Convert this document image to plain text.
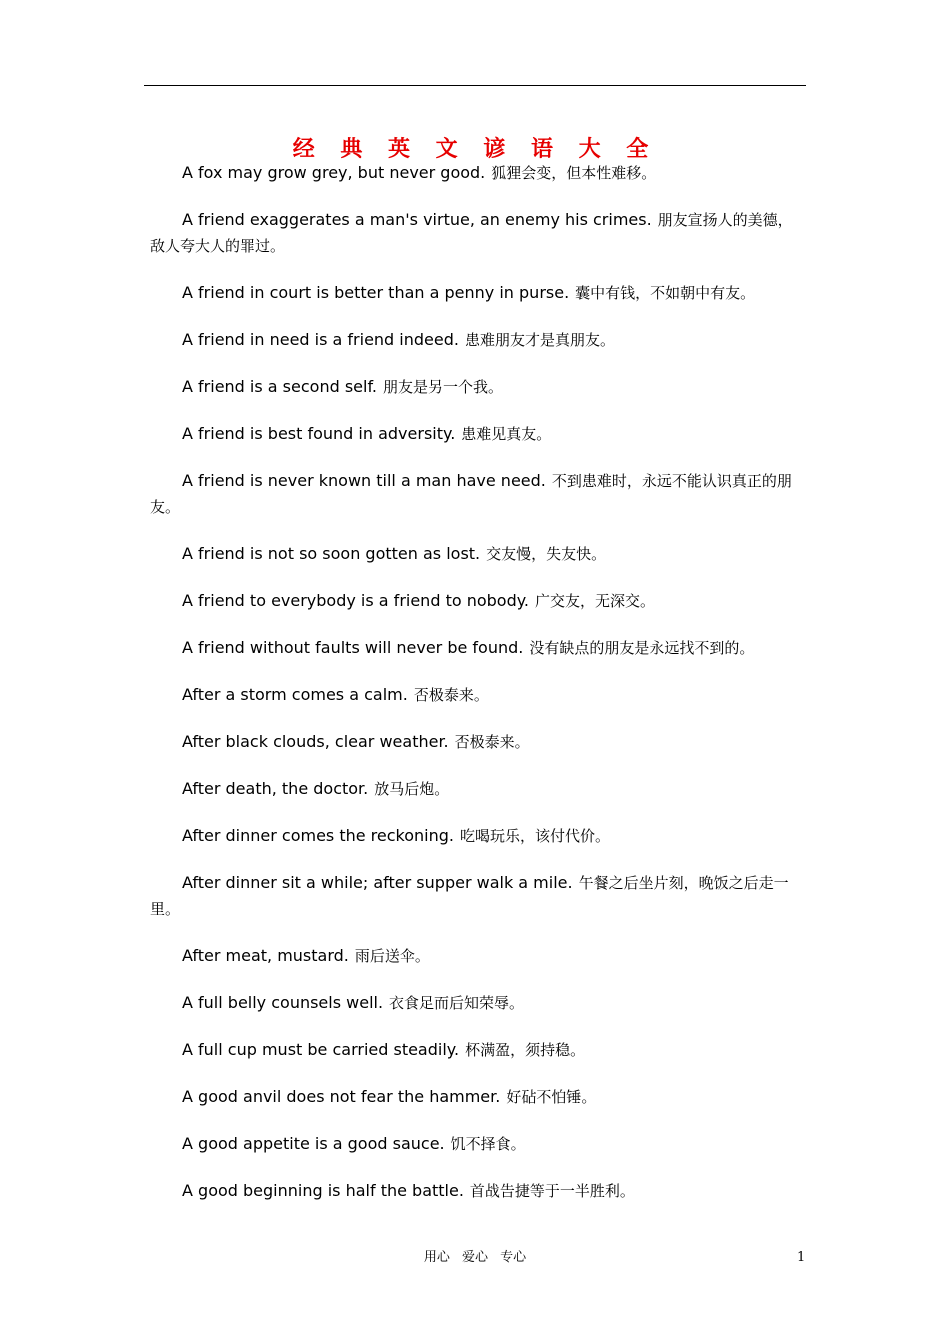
经 典 英 文 谚 语 大 全

A fox may grow grey, but never good. 狐狸会变，但本性难移。

A friend exaggerates a man's virtue, an enemy his crimes. 朋友宣扬人的美德，敌人夸大人的罪过。

A friend in court is better than a penny in purse. 囊中有钱，不如朝中有友。

A friend in need is a friend indeed. 患难朋友才是真朋友。

A friend is a second self. 朋友是另一个我。

A friend is best found in adversity. 患难见真友。

A friend is never known till a man have need. 不到患难时，永远不能认识真正的朋友。

A friend is not so soon gotten as lost. 交友慢，失友快。

A friend to everybody is a friend to nobody. 广交友，无深交。

A friend without faults will never be found. 没有缺点的朋友是永远找不到的。

After a storm comes a calm. 否极泰来。

After black clouds, clear weather. 否极泰来。

After death, the doctor. 放马后炮。

After dinner comes the reckoning. 吃喝玩乐，该付代价。

After dinner sit a while; after supper walk a mile. 午餐之后坐片刻，晚饭之后走一里。

After meat, mustard. 雨后送伞。

A full belly counsels well. 衣食足而后知荣辱。

A full cup must be carried steadily. 杯满盈，须持稳。

A good anvil does not fear the hammer. 好砧不怕锤。

A good appetite is a good sauce. 饥不择食。

A good beginning is half the battle. 首战告捷等于一半胜利。

用心 爱心 专心	1
